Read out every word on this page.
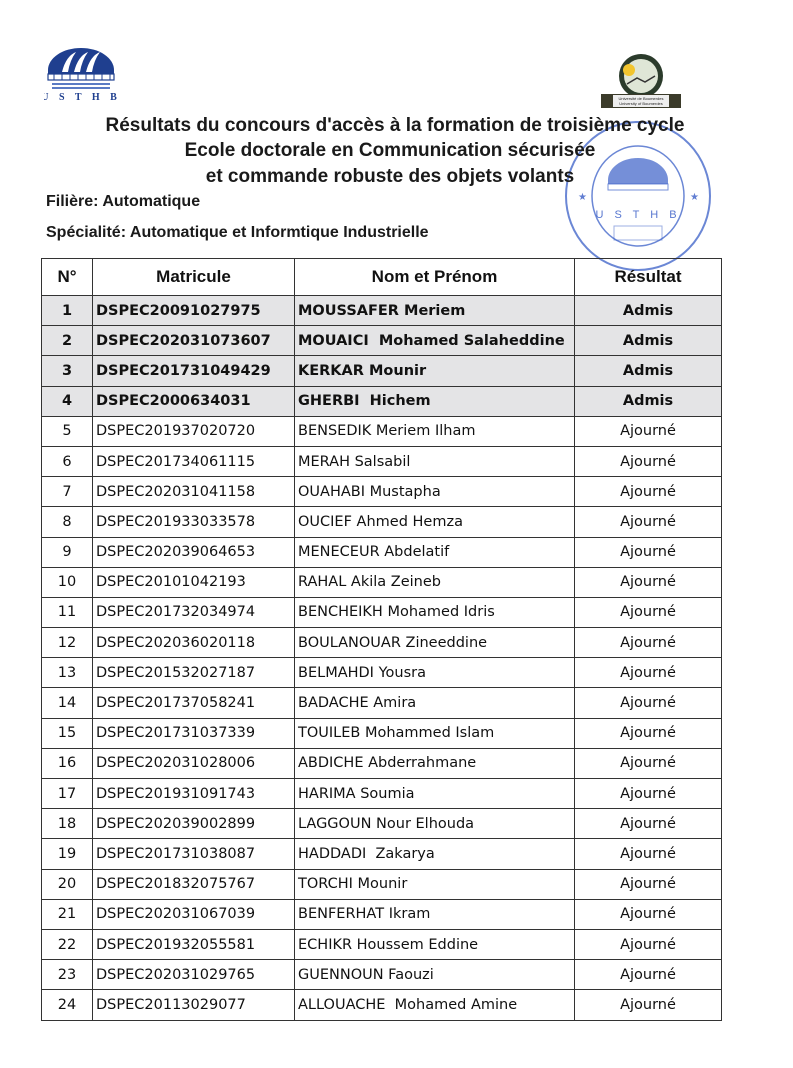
U S T H B	Université de Boumerdes
University of Boumerdes
U S T H B
★	★
Résultats du concours d'accès à la formation de troisième cycle
Ecole doctorale en Communication sécurisée
et commande robuste des objets volants
Filière: Automatique
Spécialité: Automatique et Informtique Industrielle
N°	Matricule	Nom et Prénom	Résultat
1	DSPEC20091027975	MOUSSAFER Meriem	Admis
2	DSPEC202031073607	MOUAICI  Mohamed Salaheddine	Admis
3	DSPEC201731049429	KERKAR Mounir	Admis
4	DSPEC2000634031	GHERBI  Hichem	Admis
5	DSPEC201937020720	BENSEDIK Meriem Ilham	Ajourné
6	DSPEC201734061115	MERAH Salsabil	Ajourné
7	DSPEC202031041158	OUAHABI Mustapha	Ajourné
8	DSPEC201933033578	OUCIEF Ahmed Hemza	Ajourné
9	DSPEC202039064653	MENECEUR Abdelatif	Ajourné
10	DSPEC20101042193	RAHAL Akila Zeineb	Ajourné
11	DSPEC201732034974	BENCHEIKH Mohamed Idris	Ajourné
12	DSPEC202036020118	BOULANOUAR Zineeddine	Ajourné
13	DSPEC201532027187	BELMAHDI Yousra	Ajourné
14	DSPEC201737058241	BADACHE Amira	Ajourné
15	DSPEC201731037339	TOUILEB Mohammed Islam	Ajourné
16	DSPEC202031028006	ABDICHE Abderrahmane	Ajourné
17	DSPEC201931091743	HARIMA Soumia	Ajourné
18	DSPEC202039002899	LAGGOUN Nour Elhouda	Ajourné
19	DSPEC201731038087	HADDADI  Zakarya	Ajourné
20	DSPEC201832075767	TORCHI Mounir	Ajourné
21	DSPEC202031067039	BENFERHAT Ikram	Ajourné
22	DSPEC201932055581	ECHIKR Houssem Eddine	Ajourné
23	DSPEC202031029765	GUENNOUN Faouzi	Ajourné
24	DSPEC20113029077	ALLOUACHE  Mohamed Amine	Ajourné
